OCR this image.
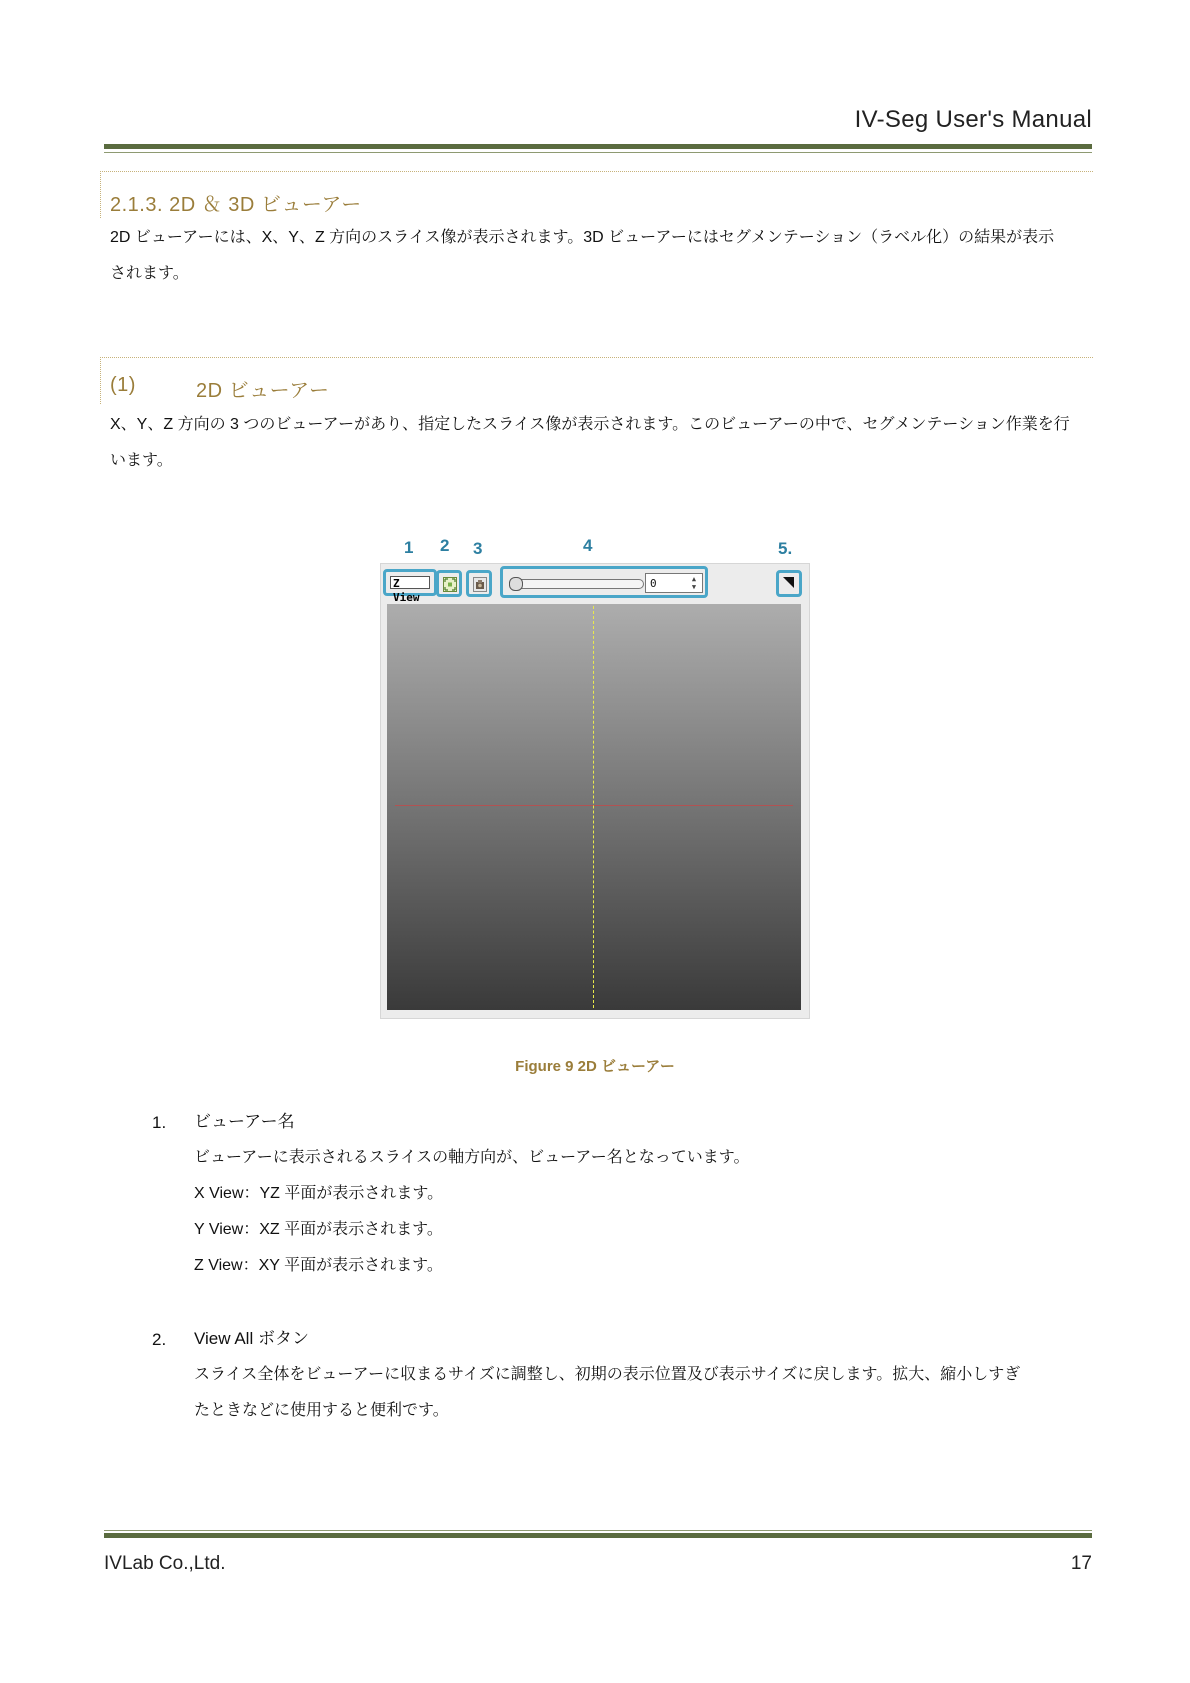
IV-Seg User's Manual
2.1.3. 2D ＆ 3D ビューアー
2D ビューアーには、X、Y、Z 方向のスライス像が表示されます。3D ビューアーにはセグメンテーション（ラベル化）の結果が表示
されます。
(1)	2D ビューアー
X、Y、Z 方向の 3 つのビューアーがあり、指定したスライス像が表示されます。このビューアーの中で、セグメンテーション作業を行
います。
1 2 3	4	5.
Z View
0	▲
▼
Figure 9 2D ビューアー
1. ビューアー名
ビューアーに表示されるスライスの軸方向が、ビューアー名となっています。
X View：YZ 平面が表示されます。
Y View：XZ 平面が表示されます。
Z View：XY 平面が表示されます。
2. View All ボタン
スライス全体をビューアーに収まるサイズに調整し、初期の表示位置及び表示サイズに戻します。拡大、縮小しすぎ
たときなどに使用すると便利です。
IVLab Co.,Ltd.	17
